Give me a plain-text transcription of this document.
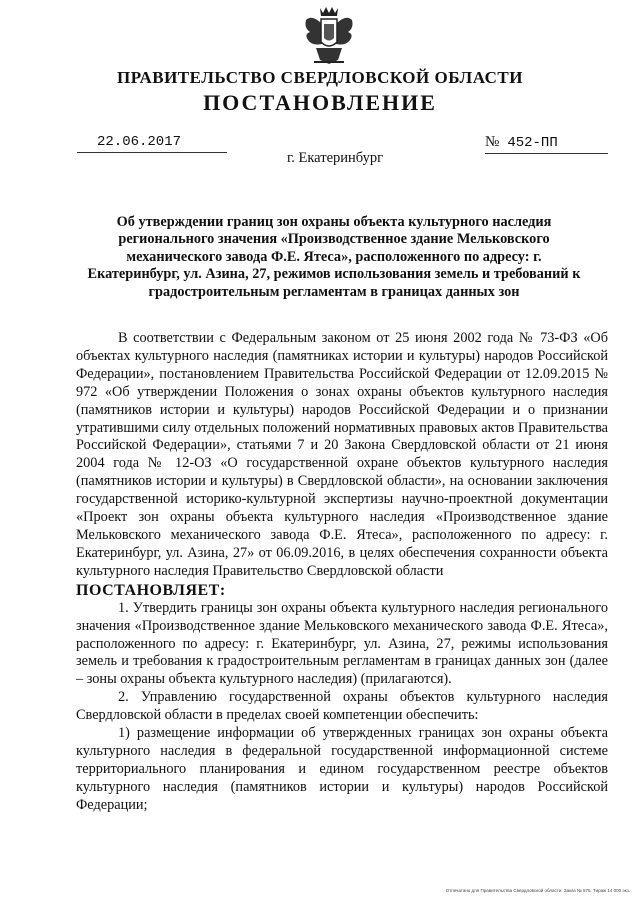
ПРАВИТЕЛЬСТВО СВЕРДЛОВСКОЙ ОБЛАСТИ
ПОСТАНОВЛЕНИЕ
22.06.2017	№ 452-ПП
г. Екатеринбург
Об утверждении границ зон охраны объекта культурного наследия регионального значения «Производственное здание Мельковского механического завода Ф.Е. Ятеса», расположенного по адресу: г. Екатеринбург, ул. Азина, 27, режимов использования земель и требований к градостроительным регламентам в границах данных зон

В соответствии с Федеральным законом от 25 июня 2002 года № 73-ФЗ «Об объектах культурного наследия (памятниках истории и культуры) народов Российской Федерации», постановлением Правительства Российской Федерации от 12.09.2015 № 972 «Об утверждении Положения о зонах охраны объектов культурного наследия (памятников истории и культуры) народов Российской Федерации и о признании утратившими силу отдельных положений нормативных правовых актов Правительства Российской Федерации», статьями 7 и 20 Закона Свердловской области от 21 июня 2004 года № 12-ОЗ «О государственной охране объектов культурного наследия (памятников истории и культуры) в Свердловской области», на основании заключения государственной историко-культурной экспертизы научно-проектной документации «Проект зон охраны объекта культурного наследия «Производственное здание Мельковского механического завода Ф.Е. Ятеса», расположенного по адресу: г. Екатеринбург, ул. Азина, 27» от 06.09.2016, в целях обеспечения сохранности объекта культурного наследия Правительство Свердловской области

ПОСТАНОВЛЯЕТ:

1. Утвердить границы зон охраны объекта культурного наследия регионального значения «Производственное здание Мельковского механического завода Ф.Е. Ятеса», расположенного по адресу: г. Екатеринбург, ул. Азина, 27, режимы использования земель и требования к градостроительным регламентам в границах данных зон (далее – зоны охраны объекта культурного наследия) (прилагаются).

2. Управлению государственной охраны объектов культурного наследия Свердловской области в пределах своей компетенции обеспечить:

1) размещение информации об утвержденных границах зон охраны объекта культурного наследия в федеральной государственной информационной системе территориального планирования и едином государственном реестре объектов культурного наследия (памятников истории и культуры) народов Российской Федерации;

Отпечатано для Правительства Свердловской области. Заказ № 575. Тираж 14 000 экз.
